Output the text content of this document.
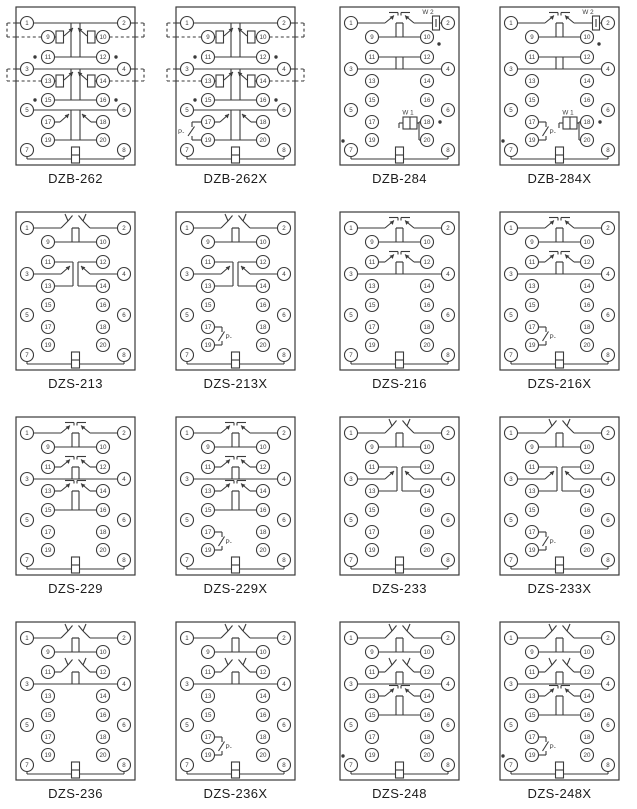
1	2
3	4
5	6
7	8
9	10
11	12
13	14
15	16
17	18
19	20
DZB-262
1	2
3	4
5	6
7	8
9	10
11	12
13	14
15	16
17	18
19	20
P-
DZB-262X
1	2
3	4
5	6
7	8
9	10
11	12
13	14
15	16
17	18
19	20
W 2
W 1
DZB-284
1	2
3	4
5	6
7	8
9	10
11	12
13	14
15	16
17	18
19	20
W 2
W 1
P-
DZB-284X
1	2
3	4
5	6
7	8
9	10
11	12
13	14
15	16
17	18
19	20
DZS-213
1	2
3	4
5	6
7	8
9	10
11	12
13	14
15	16
17	18
19	20
P-
DZS-213X
1	2
3	4
5	6
7	8
9	10
11	12
13	14
15	16
17	18
19	20
DZS-216
1	2
3	4
5	6
7	8
9	10
11	12
13	14
15	16
17	18
19	20
P-
DZS-216X
1	2
3	4
5	6
7	8
9	10
11	12
13	14
15	16
17	18
19	20
DZS-229
1	2
3	4
5	6
7	8
9	10
11	12
13	14
15	16
17	18
19	20
P-
DZS-229X
1	2
3	4
5	6
7	8
9	10
11	12
13	14
15	16
17	18
19	20
DZS-233
1	2
3	4
5	6
7	8
9	10
11	12
13	14
15	16
17	18
19	20
P-
DZS-233X
1	2
3	4
5	6
7	8
9	10
11	12
13	14
15	16
17	18
19	20
DZS-236
1	2
3	4
5	6
7	8
9	10
11	12
13	14
15	16
17	18
19	20
P-
DZS-236X
1	2
3	4
5	6
7	8
9	10
11	12
13	14
15	16
17	18
19	20
DZS-248
1	2
3	4
5	6
7	8
9	10
11	12
13	14
15	16
17	18
19	20
P-
DZS-248X
